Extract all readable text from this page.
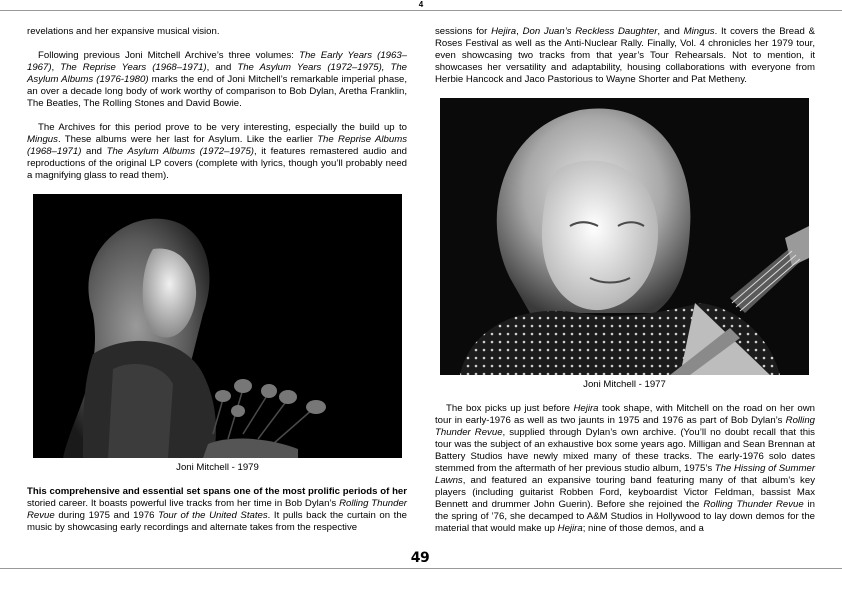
4

revelations and her expansive musical vision.

Following previous Joni Mitchell Archive’s three volumes: The Early Years (1963–1967), The Reprise Years (1968–1971), and The Asylum Years (1972–1975), The Asylum Albums (1976-1980) marks the end of Joni Mitchell’s remarkable imperial phase, an over a decade long body of work worthy of comparison to Bob Dylan, Aretha Franklin, The Beatles, The Rolling Stones and David Bowie.

The Archives for this period prove to be very interesting, especially the build up to Mingus. These albums were her last for Asylum. Like the earlier The Reprise Albums (1968–1971) and The Asylum Albums (1972–1975), it features remastered audio and reproductions of the original LP covers (complete with lyrics, though you’ll probably need a magnifying glass to read them).

Joni Mitchell - 1979

This comprehensive and essential set spans one of the most prolific periods of her storied career. It boasts powerful live tracks from her time in Bob Dylan’s Rolling Thunder Revue during 1975 and 1976 Tour of the United States. It pulls back the curtain on the music by showcasing early recordings and alternate takes from the respective

sessions for Hejira, Don Juan’s Reckless Daughter, and Mingus. It covers the Bread & Roses Festival as well as the Anti-Nuclear Rally. Finally, Vol. 4 chronicles her 1979 tour, even showcasing two tracks from that year’s Tour Rehearsals. Not to mention, it showcases her versatility and adaptability, housing collaborations with everyone from Herbie Hancock and Jaco Pastorious to Wayne Shorter and Pat Metheny.

Joni Mitchell - 1977

The box picks up just before Hejira took shape, with Mitchell on the road on her own tour in early-1976 as well as two jaunts in 1975 and 1976 as part of Bob Dylan’s Rolling Thunder Revue, supplied through Dylan’s own archive. (You’ll no doubt recall that this tour was the subject of an exhaustive box some years ago. Milligan and Sean Brennan at Battery Studios have newly mixed many of these tracks. The early-1976 solo dates stemmed from the aftermath of her previous studio album, 1975’s The Hissing of Summer Lawns, and featured an expansive touring band featuring many of that album’s key players (including guitarist Robben Ford, keyboardist Victor Feldman, bassist Max Bennett and drummer John Guerin). Before she rejoined the Rolling Thunder Revue in the spring of ’76, she decamped to A&M Studios in Hollywood to lay down demos for the material that would make up Hejira; nine of those demos, and a

49
